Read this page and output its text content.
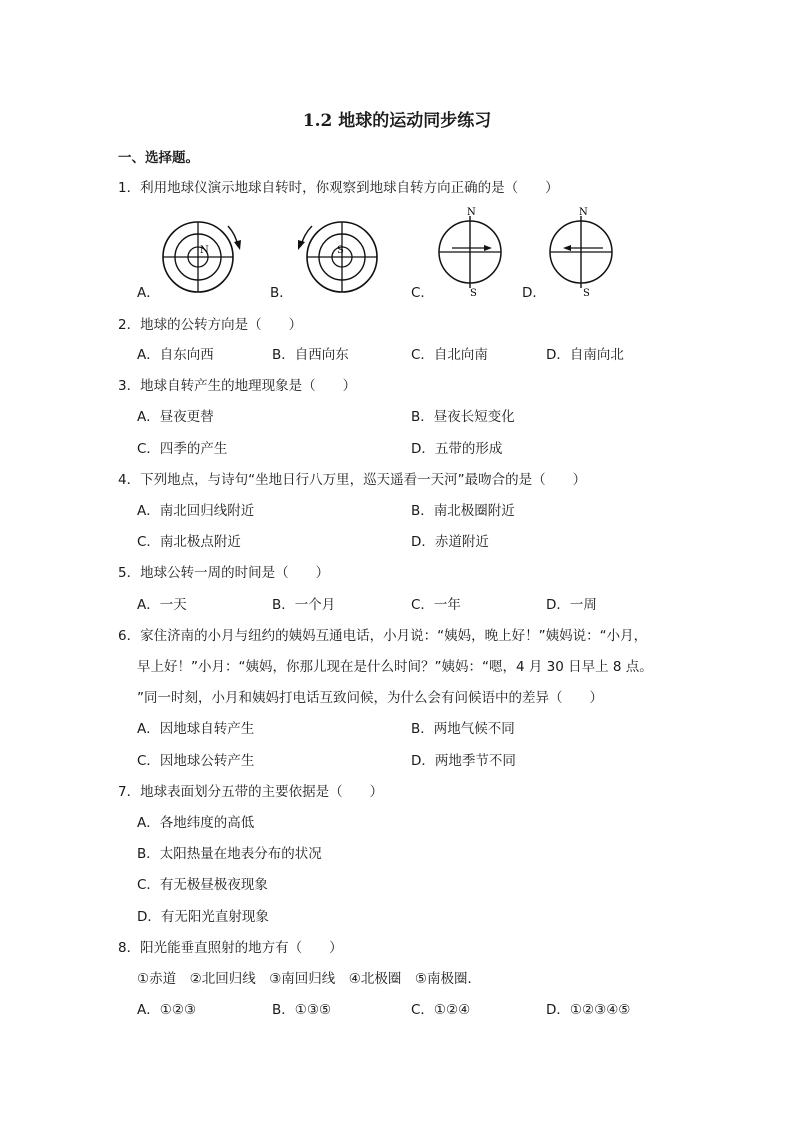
1.2 地球的运动同步练习
一、选择题。
1．利用地球仪演示地球自转时，你观察到地球自转方向正确的是（　　）
A．
N
B．
S
C．
N
S	D．
N
S
2．地球的公转方向是（　　）
A．自东向西	B．自西向东	C．自北向南	D．自南向北
3．地球自转产生的地理现象是（　　）
A．昼夜更替	B．昼夜长短变化
C．四季的产生	D．五带的形成
4．下列地点，与诗句“坐地日行八万里，巡天遥看一天河”最吻合的是（　　）
A．南北回归线附近	B．南北极圈附近
C．南北极点附近	D．赤道附近
5．地球公转一周的时间是（　　）
A．一天	B．一个月	C．一年	D．一周
6．家住济南的小月与纽约的姨妈互通电话，小月说：“姨妈，晚上好！”姨妈说：“小月，
早上好！”小月：“姨妈，你那儿现在是什么时间？”姨妈：“嗯，4 月 30 日早上 8 点。
”同一时刻，小月和姨妈打电话互致问候，为什么会有问候语中的差异（　　）
A．因地球自转产生	B．两地气候不同
C．因地球公转产生	D．两地季节不同
7．地球表面划分五带的主要依据是（　　）
A．各地纬度的高低
B．太阳热量在地表分布的状况
C．有无极昼极夜现象
D．有无阳光直射现象
8．阳光能垂直照射的地方有（　　）
①赤道　②北回归线　③南回归线　④北极圈　⑤南极圈．
A．①②③	B．①③⑤	C．①②④	D．①②③④⑤
